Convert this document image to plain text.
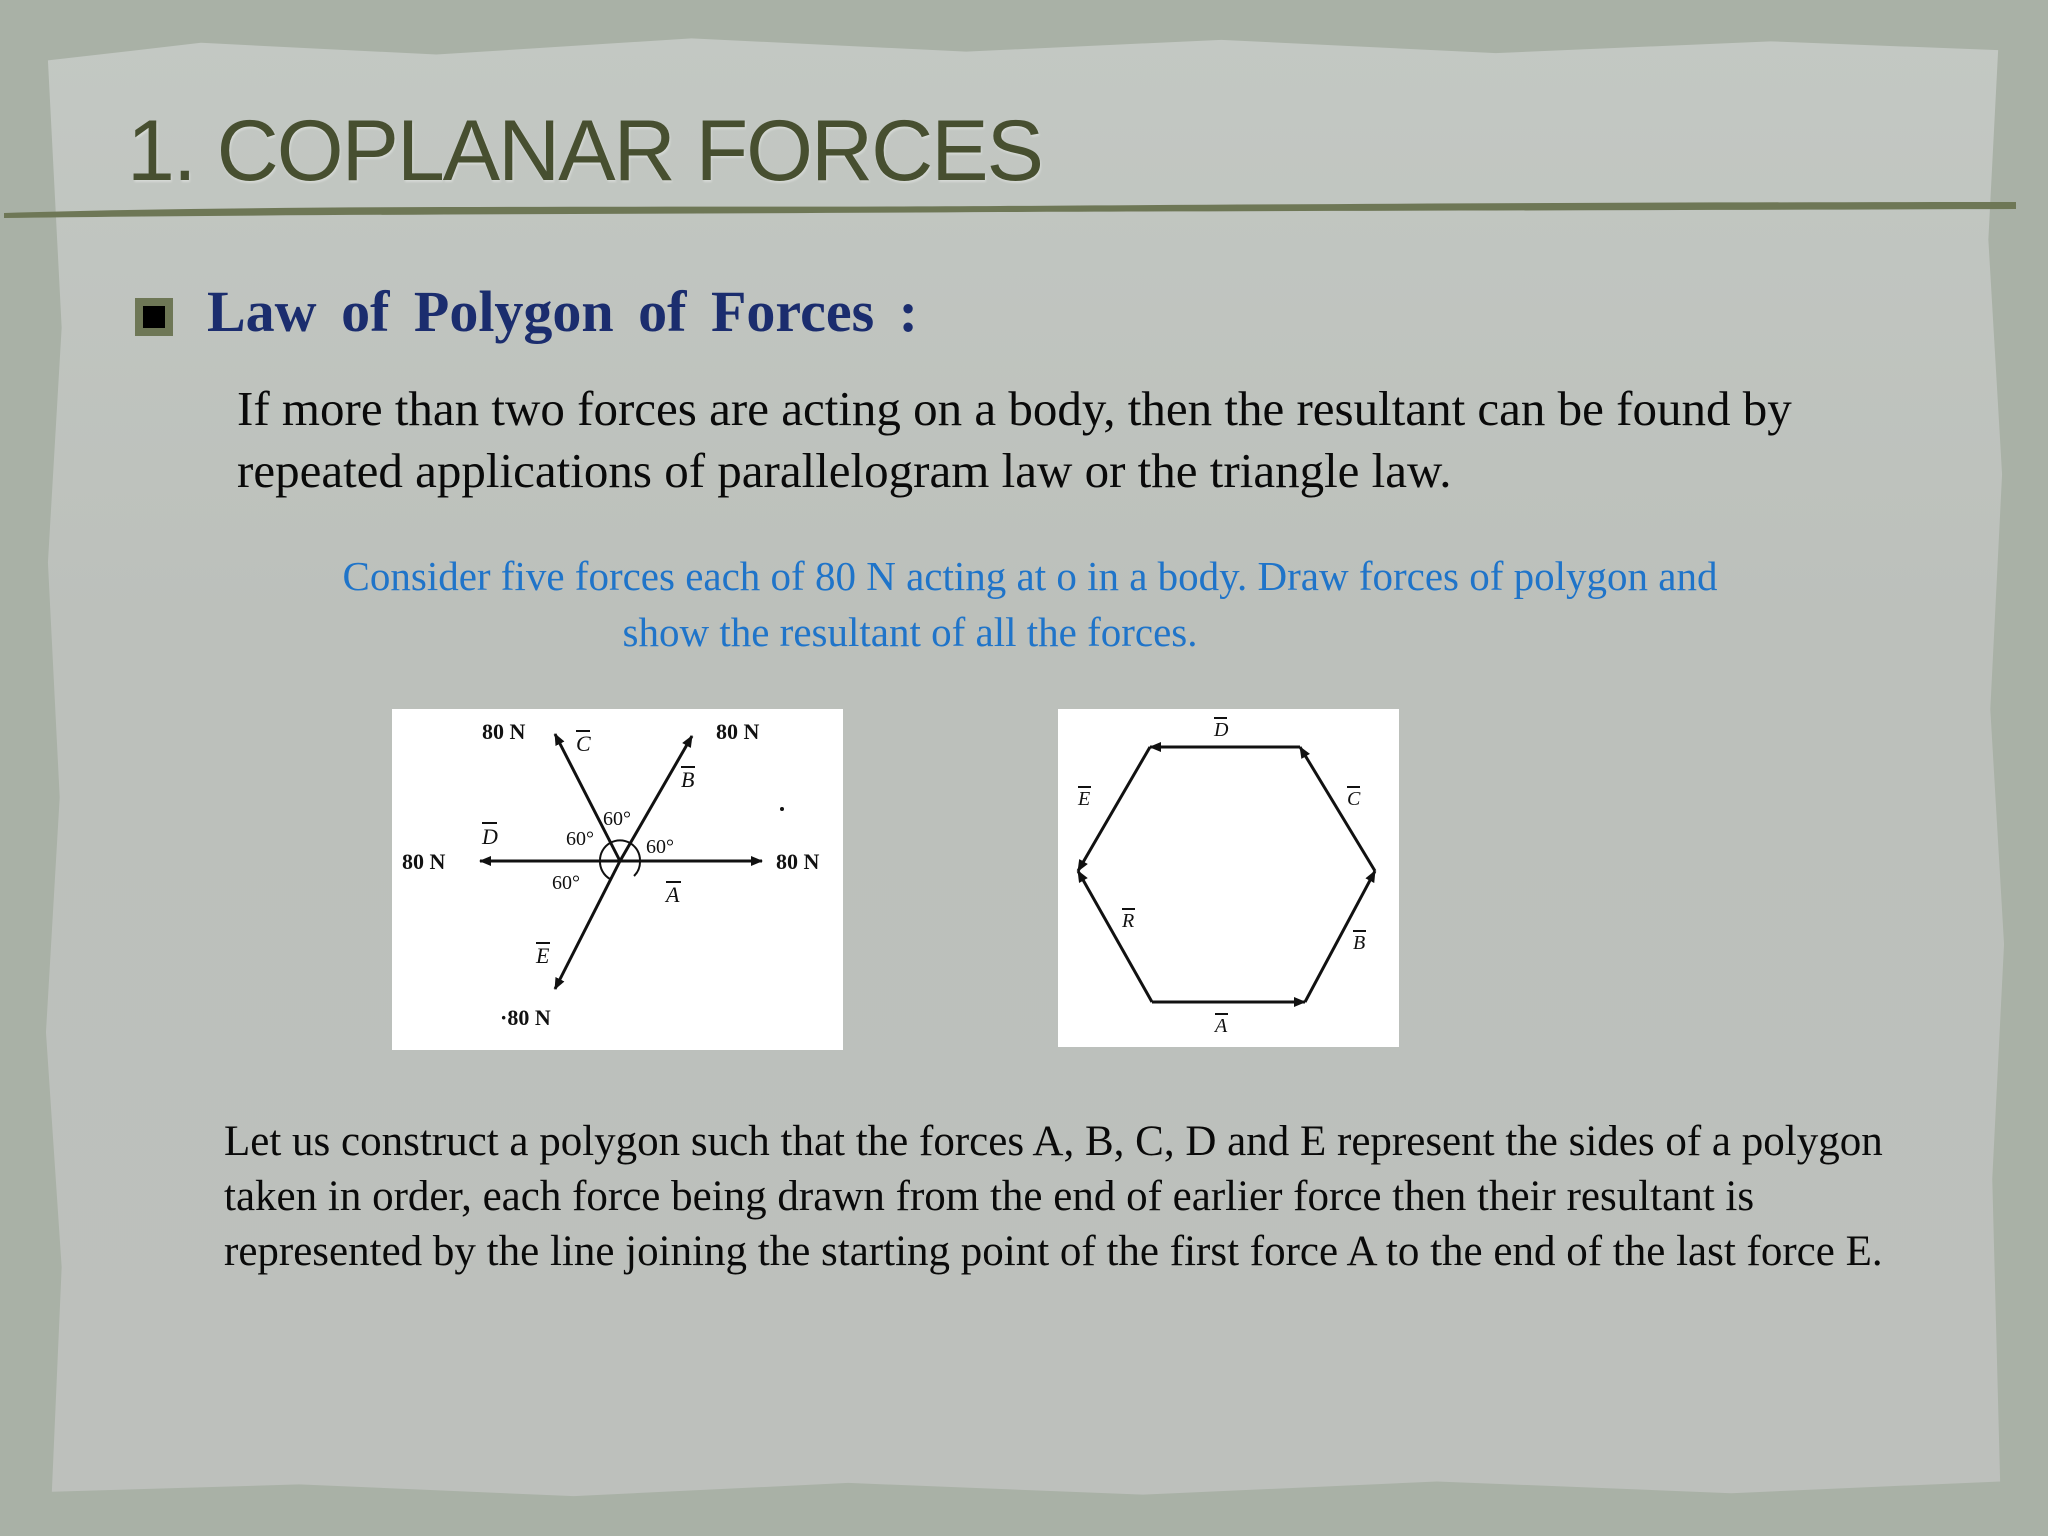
1. COPLANAR FORCES
Law of Polygon of Forces :

If more than two forces are acting on a body, then the resultant can be found by repeated applications of parallelogram law or the triangle law.

Consider five forces each of 80 N acting at o in a body. Draw forces of polygon and
show the resultant of all the forces.
80 N	80 N
80 N	80 N
·80 N
60°
60°
60°
60°
C
B
D
A
E
D
C
E
R
B
A

Let us construct a polygon such that the forces A, B, C, D and E represent the sides of a polygon taken in order, each force being drawn from the end of earlier force then their resultant is represented by the line joining the starting point of the first force A to the end of the last force E.
